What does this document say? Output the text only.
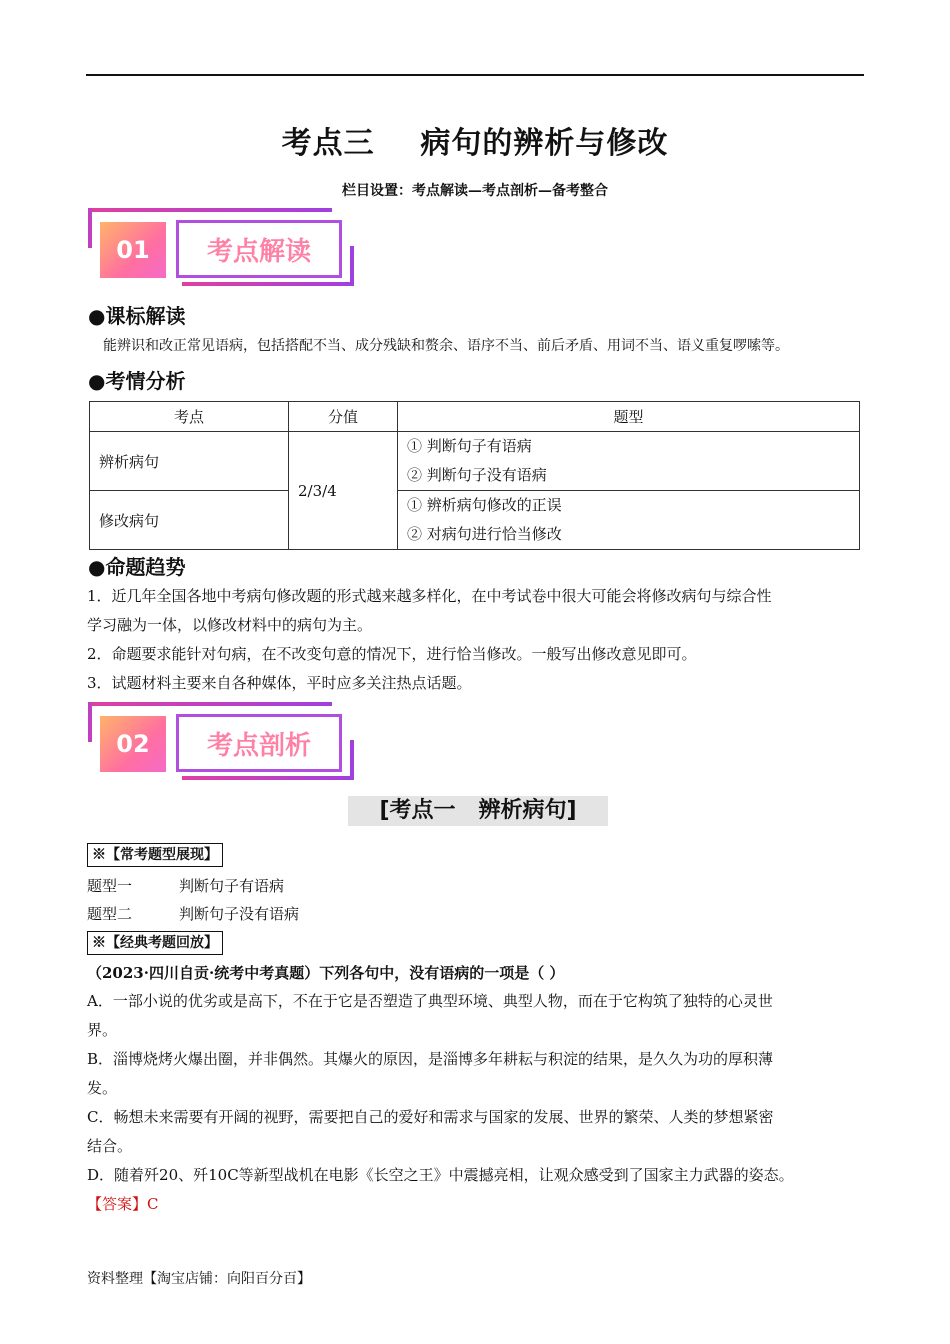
考点三    病句的辨析与修改
栏目设置：考点解读—考点剖析—备考整合
01	考点解读
●课标解读
能辨识和改正常见语病，包括搭配不当、成分残缺和赘余、语序不当、前后矛盾、用词不当、语义重复啰嗦等。
●考情分析
考点	分值	题型
辨析病句	2/3/4	① 判断句子有语病
② 判断句子没有语病

修改病句		① 辨析病句修改的正误
② 对病句进行恰当修改
●命题趋势
1．近几年全国各地中考病句修改题的形式越来越多样化，在中考试卷中很大可能会将修改病句与综合性
学习融为一体，以修改材料中的病句为主。
2．命题要求能针对句病，在不改变句意的情况下，进行恰当修改。一般写出修改意见即可。
3．试题材料主要来自各种媒体，平时应多关注热点话题。
02	考点剖析
[考点一   辨析病句]
※【常考题型展现】
题型一	判断句子有语病
题型二	判断句子没有语病
※【经典考题回放】
（2023·四川自贡·统考中考真题）下列各句中，没有语病的一项是（ ）
A．一部小说的优劣或是高下，不在于它是否塑造了典型环境、典型人物，而在于它构筑了独特的心灵世
界。
B．淄博烧烤火爆出圈，并非偶然。其爆火的原因，是淄博多年耕耘与积淀的结果，是久久为功的厚积薄
发。
C．畅想未来需要有开阔的视野，需要把自己的爱好和需求与国家的发展、世界的繁荣、人类的梦想紧密
结合。
D．随着歼20、歼10C等新型战机在电影《长空之王》中震撼亮相，让观众感受到了国家主力武器的姿态。
【答案】C
资料整理【淘宝店铺：向阳百分百】
